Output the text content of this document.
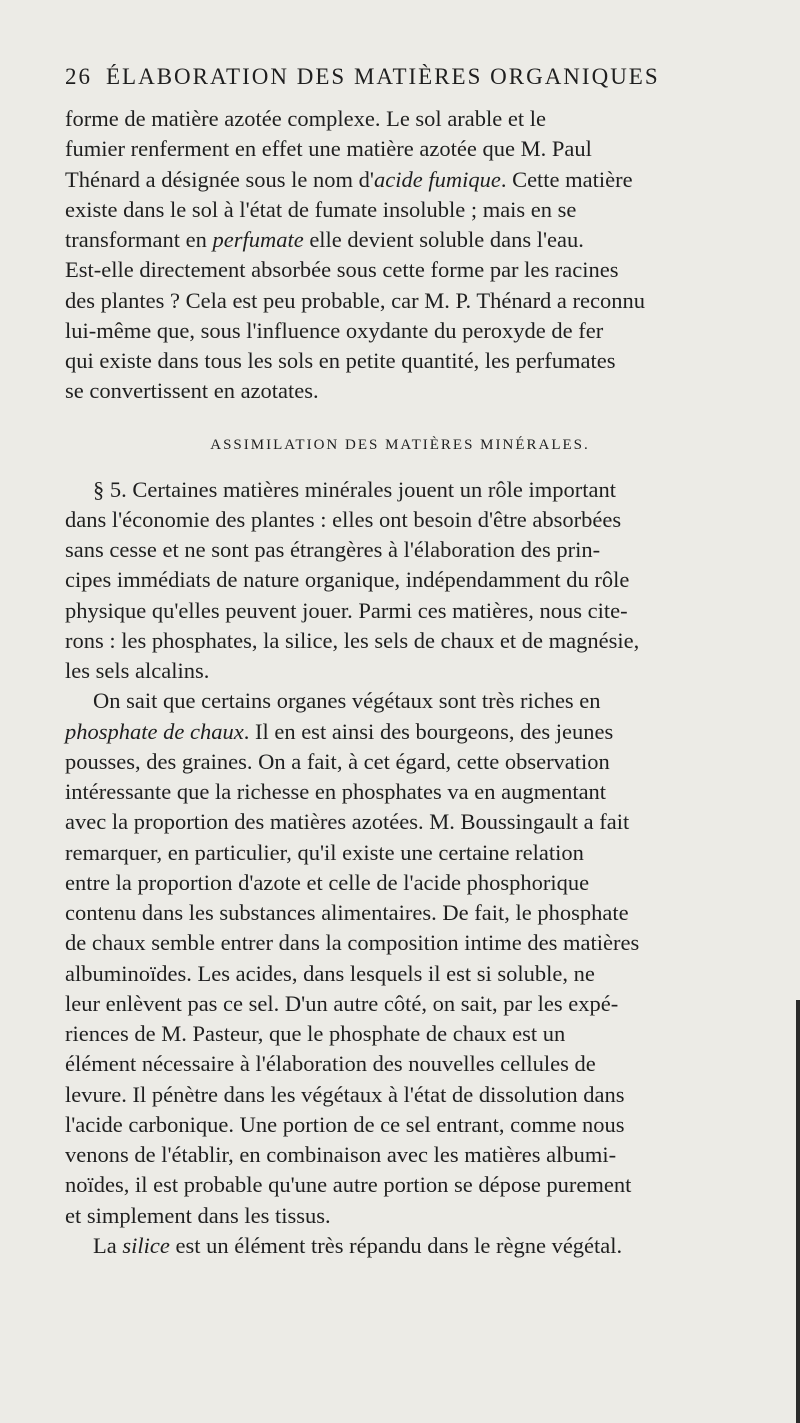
26 ÉLABORATION DES MATIÈRES ORGANIQUES
forme de matière azotée complexe. Le sol arable et le
fumier renferment en effet une matière azotée que M. Paul
Thénard a désignée sous le nom d'acide fumique. Cette matière
existe dans le sol à l'état de fumate insoluble ; mais en se
transformant en perfumate elle devient soluble dans l'eau.
Est-elle directement absorbée sous cette forme par les racines
des plantes ? Cela est peu probable, car M. P. Thénard a reconnu
lui-même que, sous l'influence oxydante du peroxyde de fer
qui existe dans tous les sols en petite quantité, les perfumates
se convertissent en azotates.
ASSIMILATION DES MATIÈRES MINÉRALES.
§ 5. Certaines matières minérales jouent un rôle important
dans l'économie des plantes : elles ont besoin d'être absorbées
sans cesse et ne sont pas étrangères à l'élaboration des prin-
cipes immédiats de nature organique, indépendamment du rôle
physique qu'elles peuvent jouer. Parmi ces matières, nous cite-
rons : les phosphates, la silice, les sels de chaux et de magnésie,
les sels alcalins.
On sait que certains organes végétaux sont très riches en
phosphate de chaux. Il en est ainsi des bourgeons, des jeunes
pousses, des graines. On a fait, à cet égard, cette observation
intéressante que la richesse en phosphates va en augmentant
avec la proportion des matières azotées. M. Boussingault a fait
remarquer, en particulier, qu'il existe une certaine relation
entre la proportion d'azote et celle de l'acide phosphorique
contenu dans les substances alimentaires. De fait, le phosphate
de chaux semble entrer dans la composition intime des matières
albuminoïdes. Les acides, dans lesquels il est si soluble, ne
leur enlèvent pas ce sel. D'un autre côté, on sait, par les expé-
riences de M. Pasteur, que le phosphate de chaux est un
élément nécessaire à l'élaboration des nouvelles cellules de
levure. Il pénètre dans les végétaux à l'état de dissolution dans
l'acide carbonique. Une portion de ce sel entrant, comme nous
venons de l'établir, en combinaison avec les matières albumi-
noïdes, il est probable qu'une autre portion se dépose purement
et simplement dans les tissus.
La silice est un élément très répandu dans le règne végétal.
